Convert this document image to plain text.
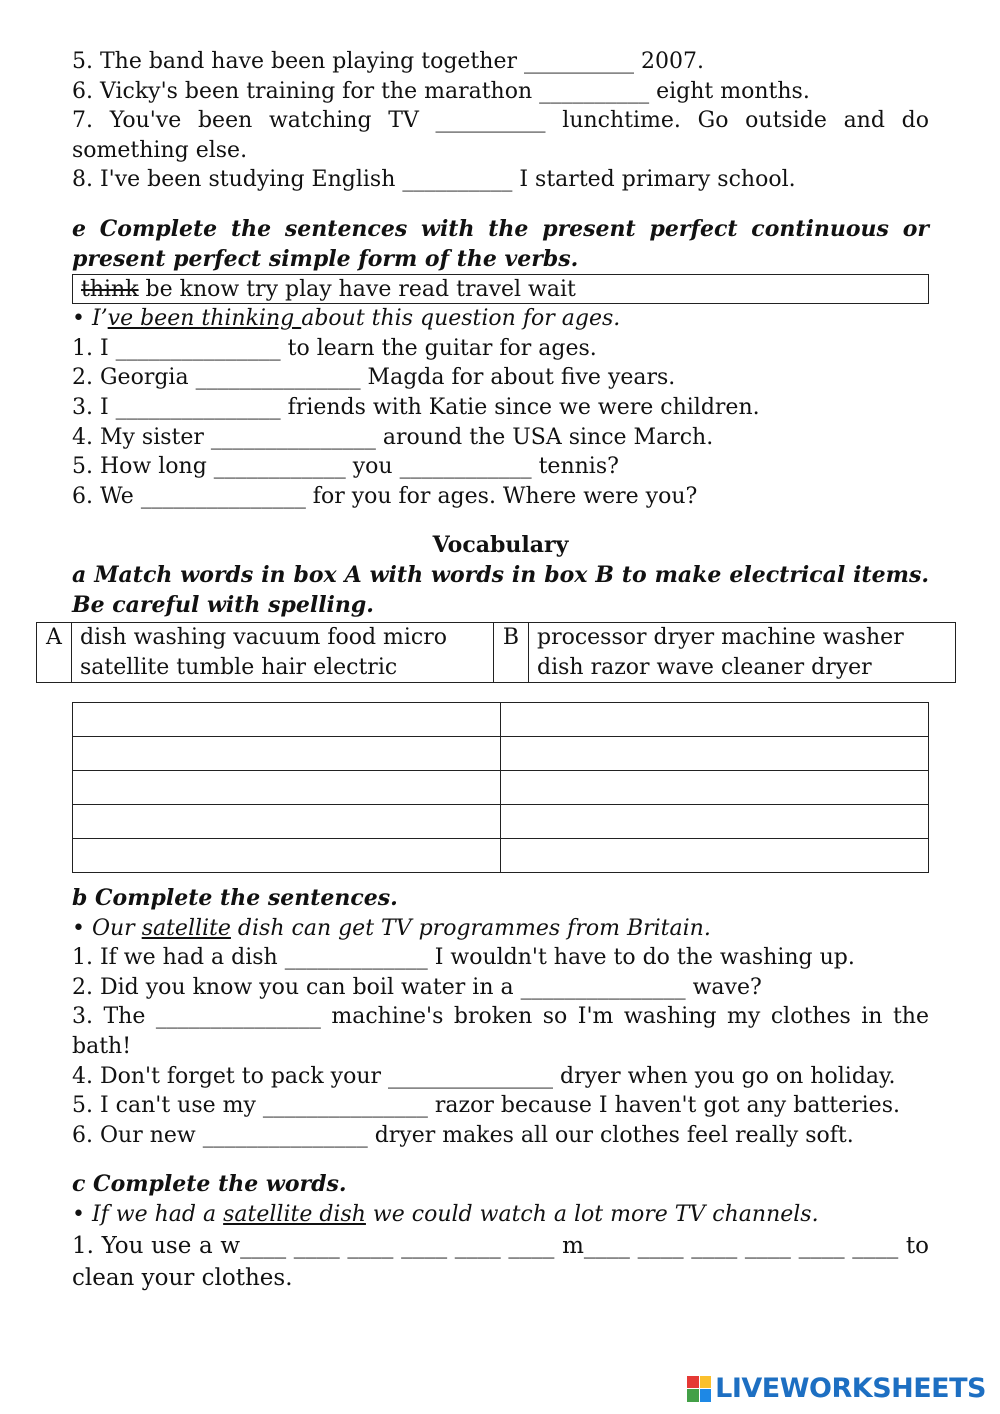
5. The band have been playing together __________ 2007.
6. Vicky's been training for the marathon __________ eight months.
7. You've been watching TV __________ lunchtime. Go outside and do something else.
8. I've been studying English __________ I started primary school.
e Complete the sentences with the present perfect continuous or present perfect simple form of the verbs.
think be know try play have read travel wait
• I’ve been thinking about this question for ages.
1. I _______________ to learn the guitar for ages.
2. Georgia _______________ Magda for about five years.
3. I _______________ friends with Katie since we were children.
4. My sister _______________ around the USA since March.
5. How long ____________ you ____________ tennis?
6. We _______________ for you for ages. Where were you?
Vocabulary
a Match words in box A with words in box B to make electrical items. Be careful with spelling.
A	dish washing vacuum food micro satellite tumble hair electric	B	processor dryer machine washer dish razor wave cleaner dryer

b Complete the sentences.
• Our satellite dish can get TV programmes from Britain.
1. If we had a dish _____________ I wouldn't have to do the washing up.
2. Did you know you can boil water in a _______________ wave?
3. The _______________ machine's broken so I'm washing my clothes in the bath!
4. Don't forget to pack your _______________ dryer when you go on holiday.
5. I can't use my _______________ razor because I haven't got any batteries.
6. Our new _______________ dryer makes all our clothes feel really soft.
c Complete the words.
• If we had a satellite dish we could watch a lot more TV channels.
1. You use a w____ ____ ____ ____ ____ ____ m____ ____ ____ ____ ____ ____ to clean your clothes.
LIVEWORKSHEETS
